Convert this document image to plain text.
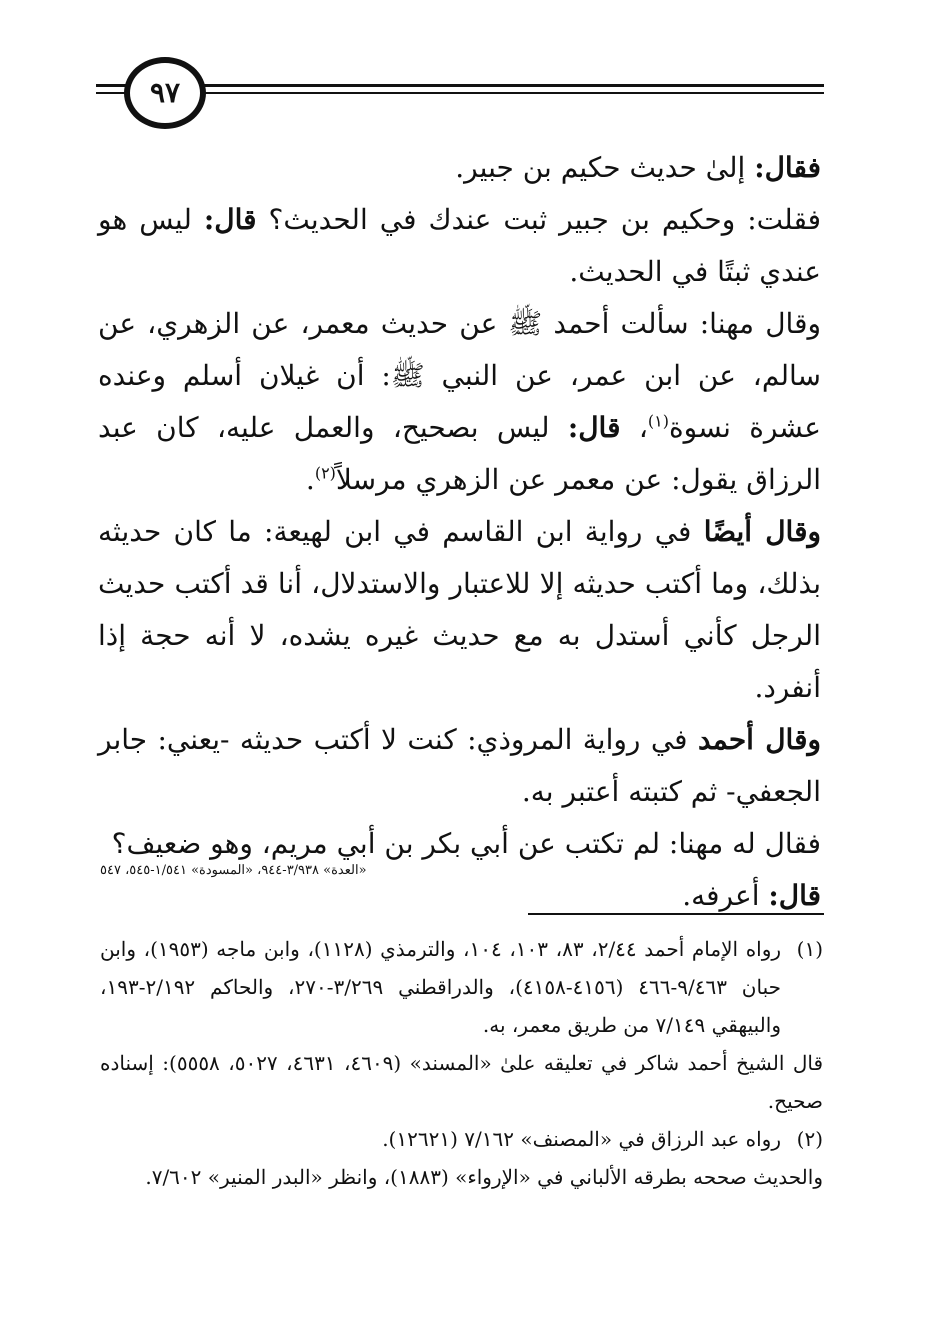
٩٧

فقال: إلىٰ حديث حكيم بن جبير.

فقلت: وحكيم بن جبير ثبت عندك في الحديث؟ قال: ليس هو عندي ثبتًا في الحديث.

وقال مهنا: سألت أحمد ﷺ عن حديث معمر، عن الزهري، عن سالم، عن ابن عمر، عن النبي ﷺ: أن غيلان أسلم وعنده عشرة نسوة$^{(١)}$، قال: ليس بصحيح، والعمل عليه، كان عبد الرزاق يقول: عن معمر عن الزهري مرسلاً$^{(٢)}$.

وقال أيضًا في رواية ابن القاسم في ابن لهيعة: ما كان حديثه بذلك، وما أكتب حديثه إلا للاعتبار والاستدلال، أنا قد أكتب حديث الرجل كأني أستدل به مع حديث غيره يشده، لا أنه حجة إذا أنفرد.

وقال أحمد في رواية المروذي: كنت لا أكتب حديثه -يعني: جابر الجعفي- ثم كتبته أعتبر به.

فقال له مهنا: لم تكتب عن أبي بكر بن أبي مريم، وهو ضعيف؟

قال: أعرفه.

«العدة» ٣/٩٣٨-٩٤٤، «المسودة» ١/٥٤١-٥٤٥، ٥٤٧
(١)
رواه الإمام أحمد ٢/٤٤، ٨٣، ١٠٣، ١٠٤، والترمذي (١١٢٨)، وابن ماجه (١٩٥٣)، وابن حبان ٩/٤٦٣-٤٦٦ (٤١٥٦-٤١٥٨)، والدراقطني ٣/٢٦٩-٢٧٠، والحاكم ٢/١٩٢-١٩٣، والبيهقي ٧/١٤٩ من طريق معمر، به.

قال الشيخ أحمد شاكر في تعليقه علىٰ «المسند» (٤٦٠٩، ٤٦٣١، ٥٠٢٧، ٥٥٥٨): إسناده صحيح.

(٢)
رواه عبد الرزاق في «المصنف» ٧/١٦٢ (١٢٦٢١).

والحديث صححه بطرقه الألباني في «الإرواء» (١٨٨٣)، وانظر «البدر المنير» ٧/٦٠٢.
